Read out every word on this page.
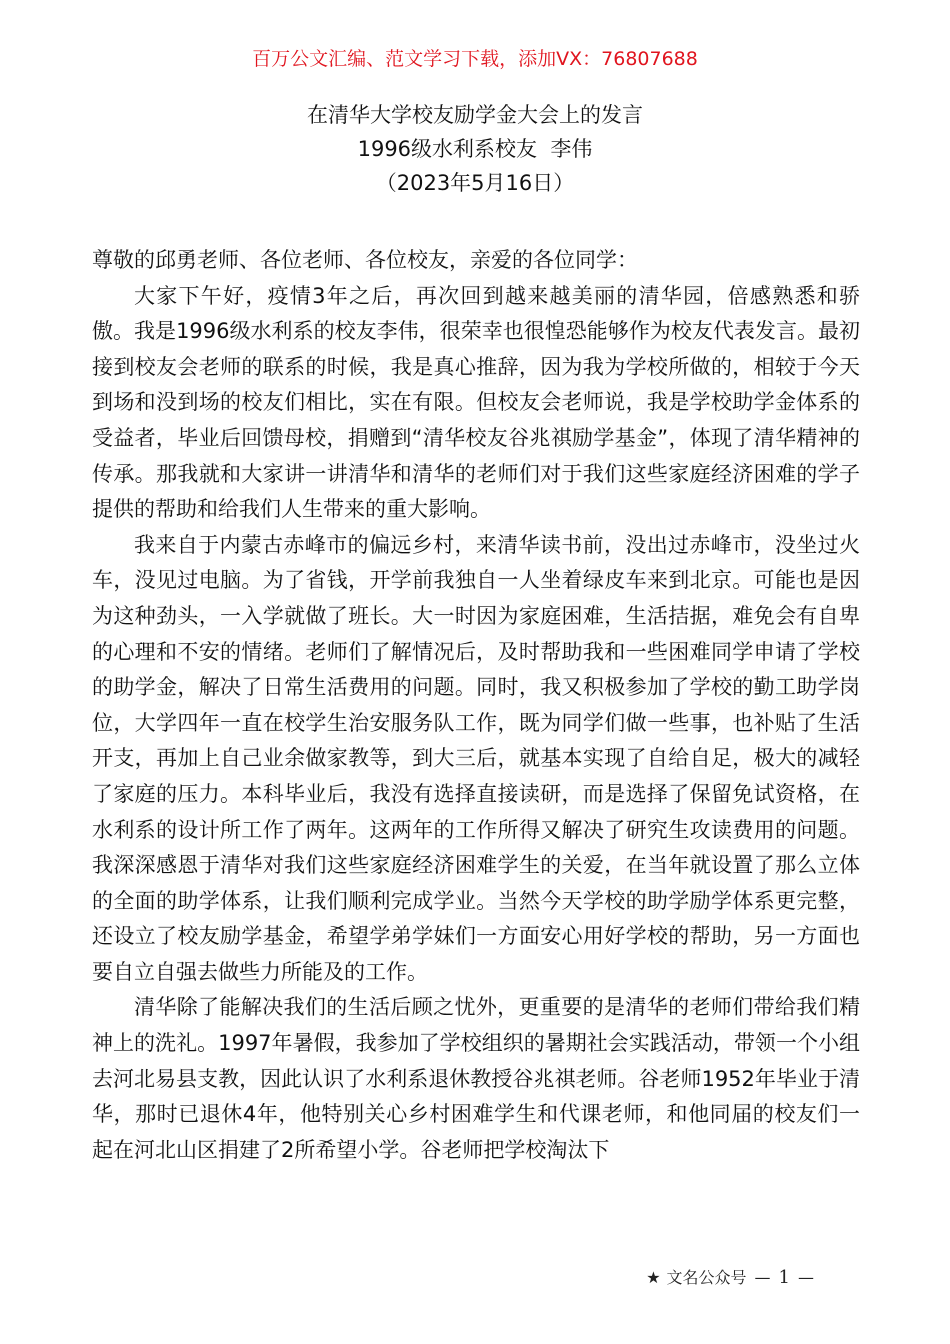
百万公文汇编、范文学习下载，添加VX：76807688
在清华大学校友励学金大会上的发言
1996级水利系校友  李伟
（2023年5月16日）

尊敬的邱勇老师、各位老师、各位校友，亲爱的各位同学：

大家下午好，疫情3年之后，再次回到越来越美丽的清华园，倍感熟悉和骄傲。我是1996级水利系的校友李伟，很荣幸也很惶恐能够作为校友代表发言。最初接到校友会老师的联系的时候，我是真心推辞，因为我为学校所做的，相较于今天到场和没到场的校友们相比，实在有限。但校友会老师说，我是学校助学金体系的受益者，毕业后回馈母校，捐赠到“清华校友谷兆祺励学基金”，体现了清华精神的传承。那我就和大家讲一讲清华和清华的老师们对于我们这些家庭经济困难的学子提供的帮助和给我们人生带来的重大影响。

我来自于内蒙古赤峰市的偏远乡村，来清华读书前，没出过赤峰市，没坐过火车，没见过电脑。为了省钱，开学前我独自一人坐着绿皮车来到北京。可能也是因为这种劲头，一入学就做了班长。大一时因为家庭困难，生活拮据，难免会有自卑的心理和不安的情绪。老师们了解情况后，及时帮助我和一些困难同学申请了学校的助学金，解决了日常生活费用的问题。同时，我又积极参加了学校的勤工助学岗位，大学四年一直在校学生治安服务队工作，既为同学们做一些事，也补贴了生活开支，再加上自己业余做家教等，到大三后，就基本实现了自给自足，极大的减轻了家庭的压力。本科毕业后，我没有选择直接读研，而是选择了保留免试资格，在水利系的设计所工作了两年。这两年的工作所得又解决了研究生攻读费用的问题。我深深感恩于清华对我们这些家庭经济困难学生的关爱，在当年就设置了那么立体的全面的助学体系，让我们顺利完成学业。当然今天学校的助学励学体系更完整，还设立了校友励学基金，希望学弟学妹们一方面安心用好学校的帮助，另一方面也要自立自强去做些力所能及的工作。

清华除了能解决我们的生活后顾之忧外，更重要的是清华的老师们带给我们精神上的洗礼。1997年暑假，我参加了学校组织的暑期社会实践活动，带领一个小组去河北易县支教，因此认识了水利系退休教授谷兆祺老师。谷老师1952年毕业于清华，那时已退休4年，他特别关心乡村困难学生和代课老师，和他同届的校友们一起在河北山区捐建了2所希望小学。谷老师把学校淘汰下

★ 文名公众号 — 1 —
